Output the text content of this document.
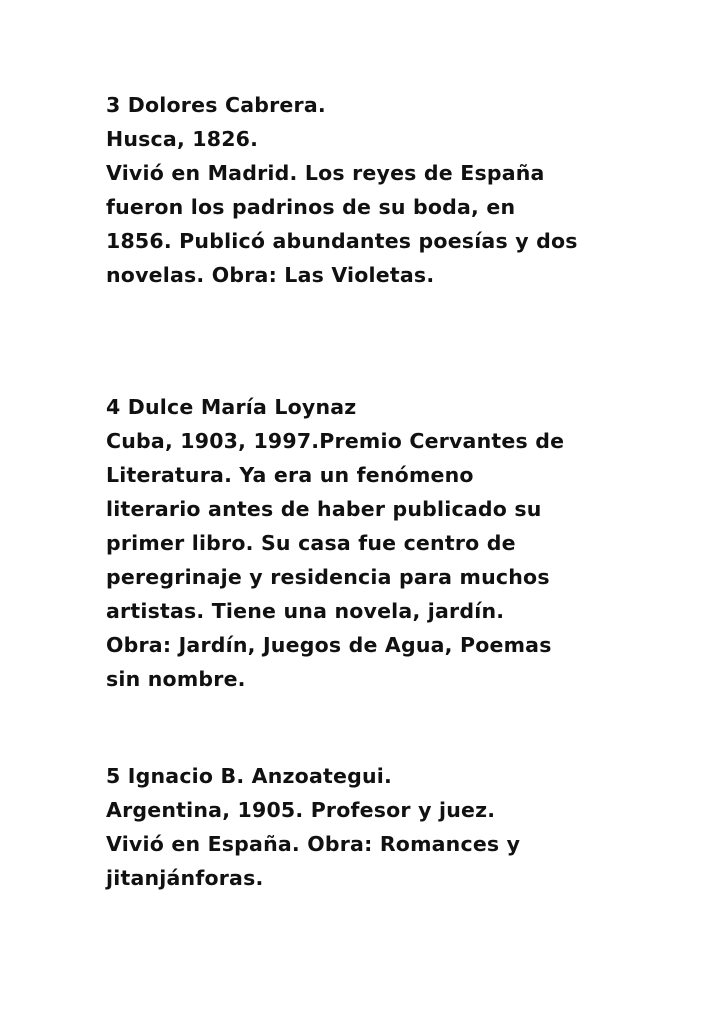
3 Dolores Cabrera.
Husca, 1826.
Vivió en Madrid. Los reyes de España
fueron los padrinos de su boda, en
1856. Publicó abundantes poesías y dos
novelas. Obra: Las Violetas.
4 Dulce María Loynaz
Cuba, 1903, 1997.Premio Cervantes de
Literatura. Ya era un fenómeno
literario antes de haber publicado su
primer libro. Su casa fue centro de
peregrinaje y residencia para muchos
artistas. Tiene una novela, jardín.
Obra: Jardín, Juegos de Agua, Poemas
sin nombre.
5 Ignacio B. Anzoategui.
Argentina, 1905. Profesor y juez.
Vivió en España. Obra: Romances y
jitanjánforas.
